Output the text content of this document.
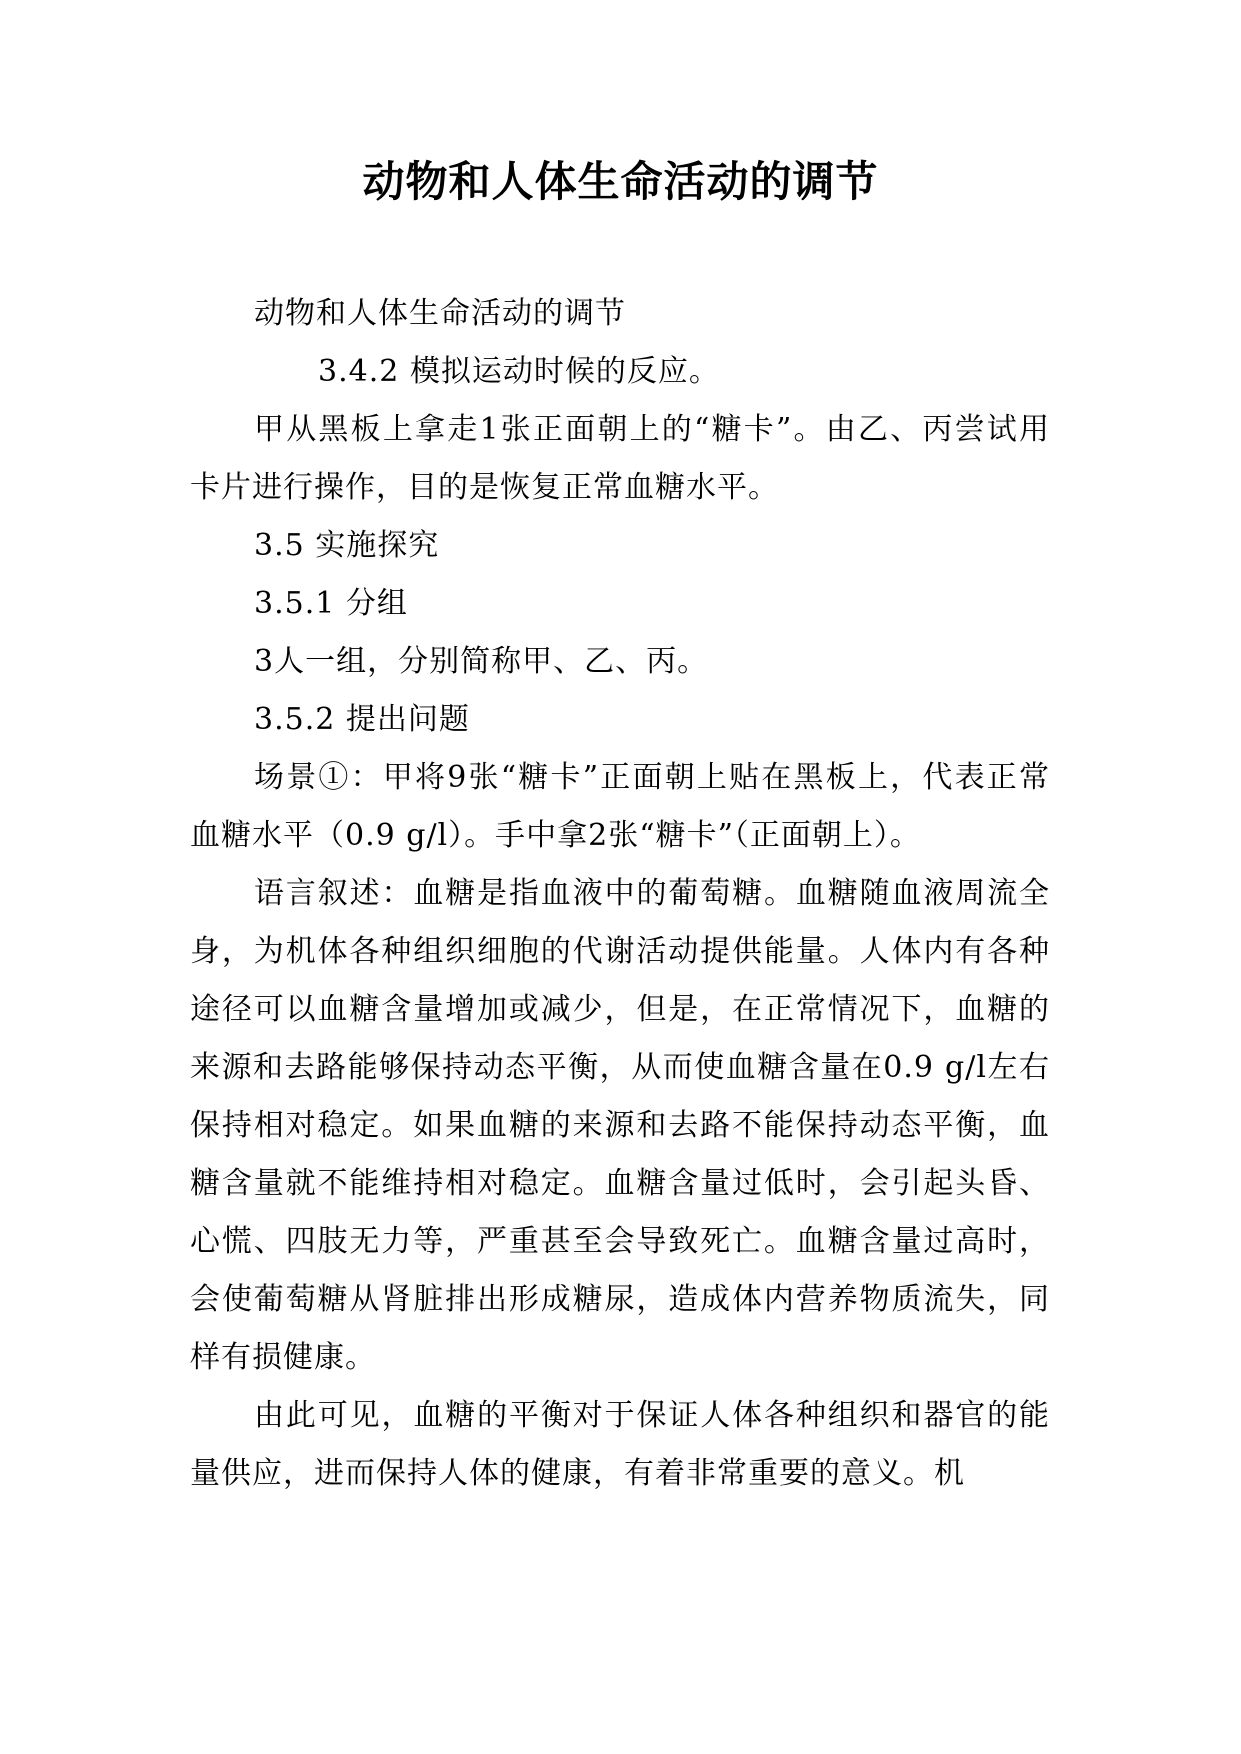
动物和人体生命活动的调节

动物和人体生命活动的调节

3.4.2 模拟运动时候的反应。

甲从黑板上拿走1张正面朝上的“糖卡”。由乙、丙尝试用卡片进行操作，目的是恢复正常血糖水平。

3.5 实施探究

3.5.1 分组

3人一组，分别简称甲、乙、丙。

3.5.2 提出问题

场景①：甲将9张“糖卡”正面朝上贴在黑板上，代表正常血糖水平（0.9 g/l）。手中拿2张“糖卡”（正面朝上）。

语言叙述：血糖是指血液中的葡萄糖。血糖随血液周流全身，为机体各种组织细胞的代谢活动提供能量。人体内有各种途径可以血糖含量增加或减少，但是，在正常情况下，血糖的来源和去路能够保持动态平衡，从而使血糖含量在0.9 g/l左右保持相对稳定。如果血糖的来源和去路不能保持动态平衡，血糖含量就不能维持相对稳定。血糖含量过低时，会引起头昏、心慌、四肢无力等，严重甚至会导致死亡。血糖含量过高时，会使葡萄糖从肾脏排出形成糖尿，造成体内营养物质流失，同样有损健康。

由此可见，血糖的平衡对于保证人体各种组织和器官的能量供应，进而保持人体的健康，有着非常重要的意义。机
